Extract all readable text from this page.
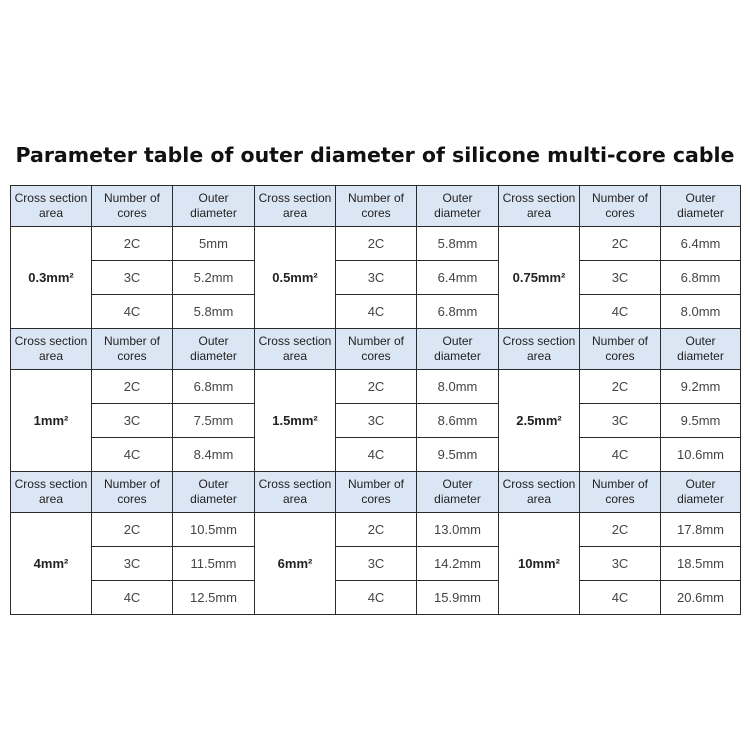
Parameter table of outer diameter of silicone multi-core cable
Cross section
area	Number of
cores	Outer
diameter	Cross section
area	Number of
cores	Outer
diameter	Cross section
area	Number of
cores	Outer
diameter
0.3mm²	2C	5mm	0.5mm²	2C	5.8mm	0.75mm²	2C	6.4mm
	3C	5.2mm		3C	6.4mm		3C	6.8mm
	4C	5.8mm		4C	6.8mm		4C	8.0mm
Cross section
area	Number of
cores	Outer
diameter	Cross section
area	Number of
cores	Outer
diameter	Cross section
area	Number of
cores	Outer
diameter
1mm²	2C	6.8mm	1.5mm²	2C	8.0mm	2.5mm²	2C	9.2mm
	3C	7.5mm		3C	8.6mm		3C	9.5mm
	4C	8.4mm		4C	9.5mm		4C	10.6mm
Cross section
area	Number of
cores	Outer
diameter	Cross section
area	Number of
cores	Outer
diameter	Cross section
area	Number of
cores	Outer
diameter
4mm²	2C	10.5mm	6mm²	2C	13.0mm	10mm²	2C	17.8mm
	3C	11.5mm		3C	14.2mm		3C	18.5mm
	4C	12.5mm		4C	15.9mm		4C	20.6mm
